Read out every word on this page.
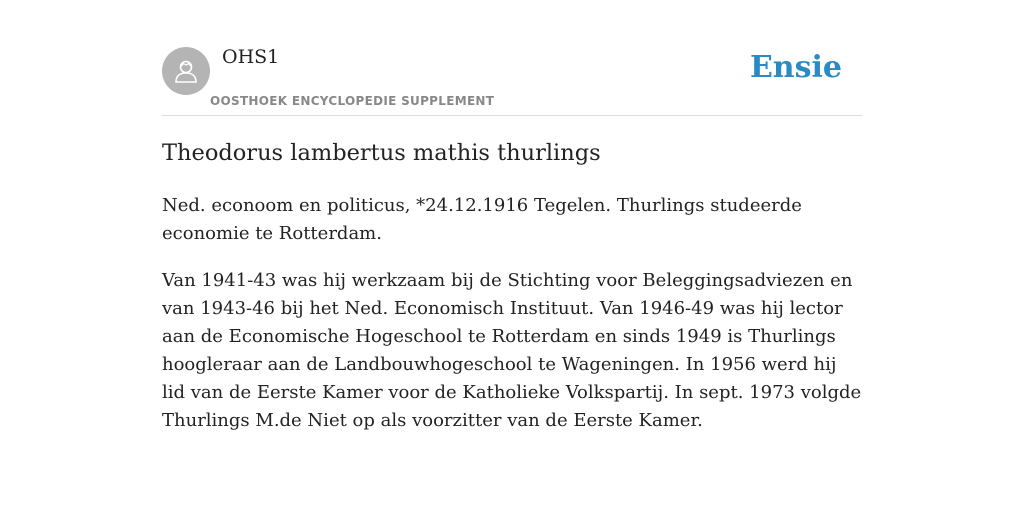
OHS1
OOSTHOEK ENCYCLOPEDIE SUPPLEMENT
Ensie
Theodorus lambertus mathis thurlings

Ned. econoom en politicus, *24.12.1916 Tegelen. Thurlings studeerde economie te Rotterdam.

Van 1941-43 was hij werkzaam bij de Stichting voor Beleggingsadviezen en van 1943-46 bij het Ned. Economisch Instituut. Van 1946-49 was hij lector aan de Economische Hogeschool te Rotterdam en sinds 1949 is Thurlings hoogleraar aan de Landbouwhogeschool te Wageningen. In 1956 werd hij lid van de Eerste Kamer voor de Katholieke Volkspartij. In sept. 1973 volgde Thurlings M.de Niet op als voorzitter van de Eerste Kamer.
